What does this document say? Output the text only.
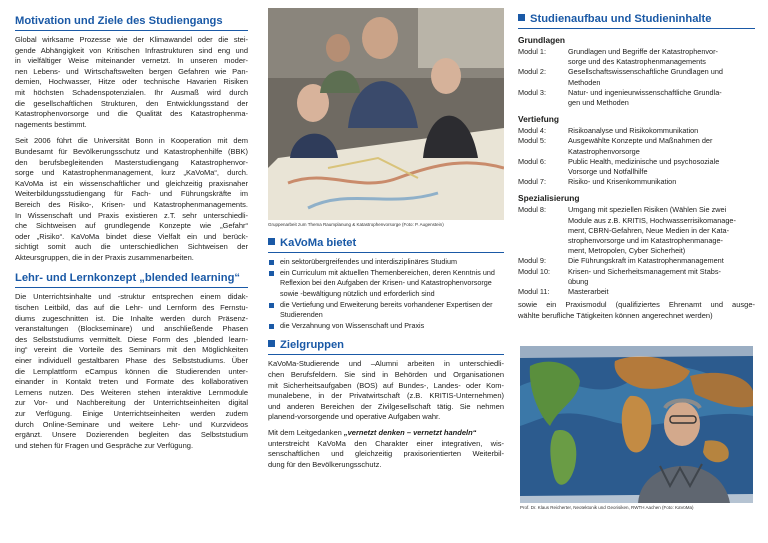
Motivation und Ziele des Studiengangs

Global wirksame Prozesse wie der Klimawandel oder die stei-

gende Abhängigkeit von Kritischen Infrastrukturen sind eng und

in vielfältiger Weise miteinander vernetzt. In unseren moder-

nen Lebens- und Wirtschaftswelten bergen Gefahren wie Pan-

demien, Hochwasser, Hitze oder technische Havarien Risiken

mit höchsten Schadenspotenzialen. Ihr Ausmaß wird durch

die gesellschaftlichen Strukturen, den Entwicklungsstand der

Katastrophenvorsorge und die Qualität des Katastrophenma-

nagements bestimmt.

Seit 2006 führt die Universität Bonn in Kooperation mit dem

Bundesamt für Bevölkerungsschutz und Katastrophenhilfe (BBK)

den berufsbegleitenden Masterstudiengang Katastrophenvor-

sorge und Katastrophenmanagement, kurz „KaVoMa“, durch.

KaVoMa ist ein wissenschaftlicher und gleichzeitig praxisnaher

Weiterbildungsstudiengang für Fach- und Führungskräfte im

Bereich des Risiko-, Krisen- und Katastrophenmanagements.

In Wissenschaft und Praxis existieren z.T. sehr unterschiedli-

che Sichtweisen auf grundlegende Konzepte wie „Gefahr“

oder „Risiko“. KaVoMa bindet diese Vielfalt ein und berück-

sichtigt somit auch die unterschiedlichen Sichtweisen der

Akteursgruppen, die in der Praxis zusammenarbeiten.

Lehr- und Lernkonzept „blended learning“

Die Unterrichtsinhalte und -struktur entsprechen einem didak-

tischen Leitbild, das auf die Lehr- und Lernform des Fernstu-

diums zugeschnitten ist. Die Inhalte werden durch Präsenz-

veranstaltungen (Blockseminare) und anschließende Phasen

des Selbststudiums vermittelt. Diese Form des „blended learn-

ing“ vereint die Vorteile des Seminars mit den Möglichkeiten

einer individuell gestaltbaren Phase des Selbststudiums. Über

die Lernplattform eCampus können die Studierenden unter-

einander in Kontakt treten und Formate des kollaborativen

Lernens nutzen. Des Weiteren stehen interaktive Lernmodule

zur Vor- und Nachbereitung der Unterrichtseinheiten digital

zur Verfügung. Einige Unterrichtseinheiten werden zudem

durch Online-Seminare und weitere Lehr- und Kurzvideos

ergänzt. Unsere Dozierenden begleiten das Selbststudium

und stehen für Fragen und Gespräche zur Verfügung.

Gruppenarbeit zum Thema Raumplanung & Katastrophenvorsorge (Foto: P. Augenstein)
KaVoMa bietet
ein sektorübergreifendes und interdisziplinäres Studium
ein Curriculum mit aktuellen Themenbereichen, deren Kenntnis und Reflexion bei den Aufgaben der Krisen- und Katastrophenvorsorge sowie -bewältigung nützlich und erforderlich sind
die Vertiefung und Erweiterung bereits vorhandener Expertisen der Studierenden
die Verzahnung von Wissenschaft und Praxis
Zielgruppen

KaVoMa-Studierende und –Alumni arbeiten in unterschiedli-

chen Berufsfeldern. Sie sind in Behörden und Organisationen

mit Sicherheitsaufgaben (BOS) auf Bundes-, Landes- oder Kom-

munalebene, in der Privatwirtschaft (z.B. KRITIS-Unternehmen)

und anderen Bereichen der Zivilgesellschaft tätig. Sie nehmen

planend-vorsorgende und operative Aufgaben wahr.

Mit dem Leitgedanken „vernetzt denken – vernetzt handeln“

unterstreicht KaVoMa den Charakter einer integrativen, wis-

senschaftlichen und gleichzeitig praxisorientierten Weiterbil-

dung für den Bevölkerungsschutz.

Studienaufbau und Studieninhalte
Grundlagen
Modul 1:	Grundlagen und Begriffe der Katastrophenvor-
sorge und des Katastrophenmanagements
Modul 2:	Gesellschaftswissenschaftliche Grundlagen und
Methoden
Modul 3:	Natur- und ingenieurwissenschaftliche Grundla-
gen und Methoden
Vertiefung
Modul 4:	Risikoanalyse und Risikokommunikation
Modul 5:	Ausgewählte Konzepte und Maßnahmen der
Katastrophenvorsorge
Modul 6:	Public Health, medizinische und psychosoziale
Vorsorge und Notfallhilfe
Modul 7:	Risiko- und Krisenkommunikation
Spezialisierung
Modul 8:	Umgang mit speziellen Risiken (Wählen Sie zwei
Module aus z.B. KRITIS, Hochwasserrisikomanage-
ment, CBRN-Gefahren, Neue Medien in der Kata-
strophenvorsorge und im Katastrophenmanage-
ment, Metropolen, Cyber Sicherheit)
Modul 9:	Die Führungskraft im Katastrophenmanagement
Modul 10:	Krisen- und Sicherheitsmanagement mit Stabs-
übung
Modul 11:	Masterarbeit

sowie ein Praxismodul (qualifiziertes Ehrenamt und ausge-

wählte berufliche Tätigkeiten können angerechnet werden)

Prof. Dr. Klaus Reicherter, Neotektonik und Georisiken, RWTH Aachen (Foto: KaVoMa)
